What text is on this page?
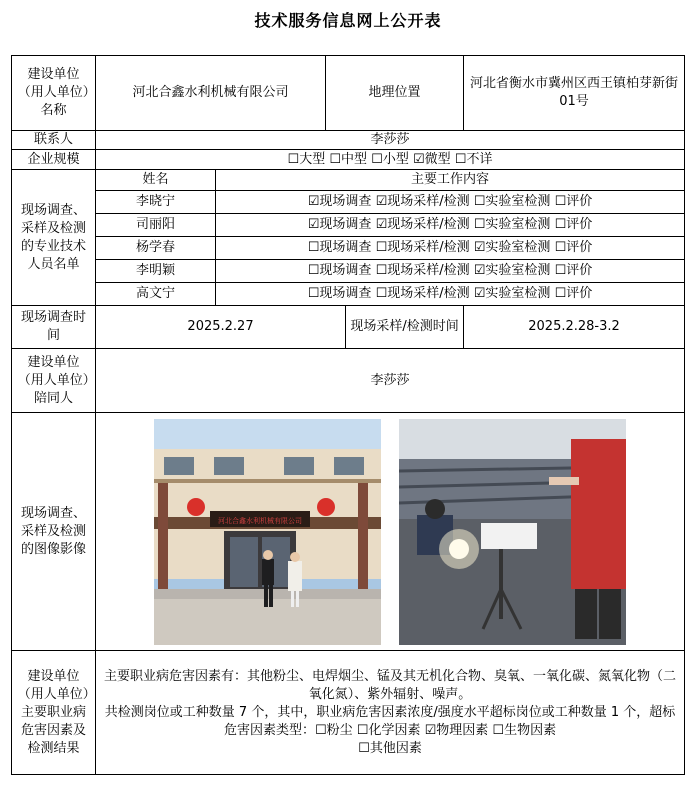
技术服务信息网上公开表
建设单位（用人单位）名称	河北合鑫水利机械有限公司		地理位置		河北省衡水市冀州区西王镇柏芽新街01号
联系人	李莎莎				
企业规模	☐大型 ☐中型 ☐小型 ☑微型 ☐不详				
现场调查、采样及检测的专业技术人员名单	姓名	主要工作内容			
	李晓宁	☑现场调查 ☑现场采样/检测 ☐实验室检测 ☐评价			
	司丽阳	☑现场调查 ☑现场采样/检测 ☐实验室检测 ☐评价			
	杨学春	☐现场调查 ☐现场采样/检测 ☑实验室检测 ☐评价			
	李明颖	☐现场调查 ☐现场采样/检测 ☑实验室检测 ☐评价			
	高文宁	☐现场调查 ☐现场采样/检测 ☑实验室检测 ☐评价			
现场调查时间	2025.2.27			现场采样/检测时间	2025.2.28-3.2
建设单位（用人单位）陪同人	李莎莎				
现场调查、采样及检测的图像影像	河北合鑫水利机械有限公司				

建设单位（用人单位）主要职业病危害因素及检测结果	主要职业病危害因素有：其他粉尘、电焊烟尘、锰及其无机化合物、臭氧、一氧化碳、氮氧化物（二氧化氮）、紫外辐射、噪声。
共检测岗位或工种数量 7 个，其中，职业病危害因素浓度/强度水平超标岗位或工种数量 1 个，超标危害因素类型：☐粉尘 ☐化学因素 ☑物理因素 ☐生物因素
☐其他因素				
